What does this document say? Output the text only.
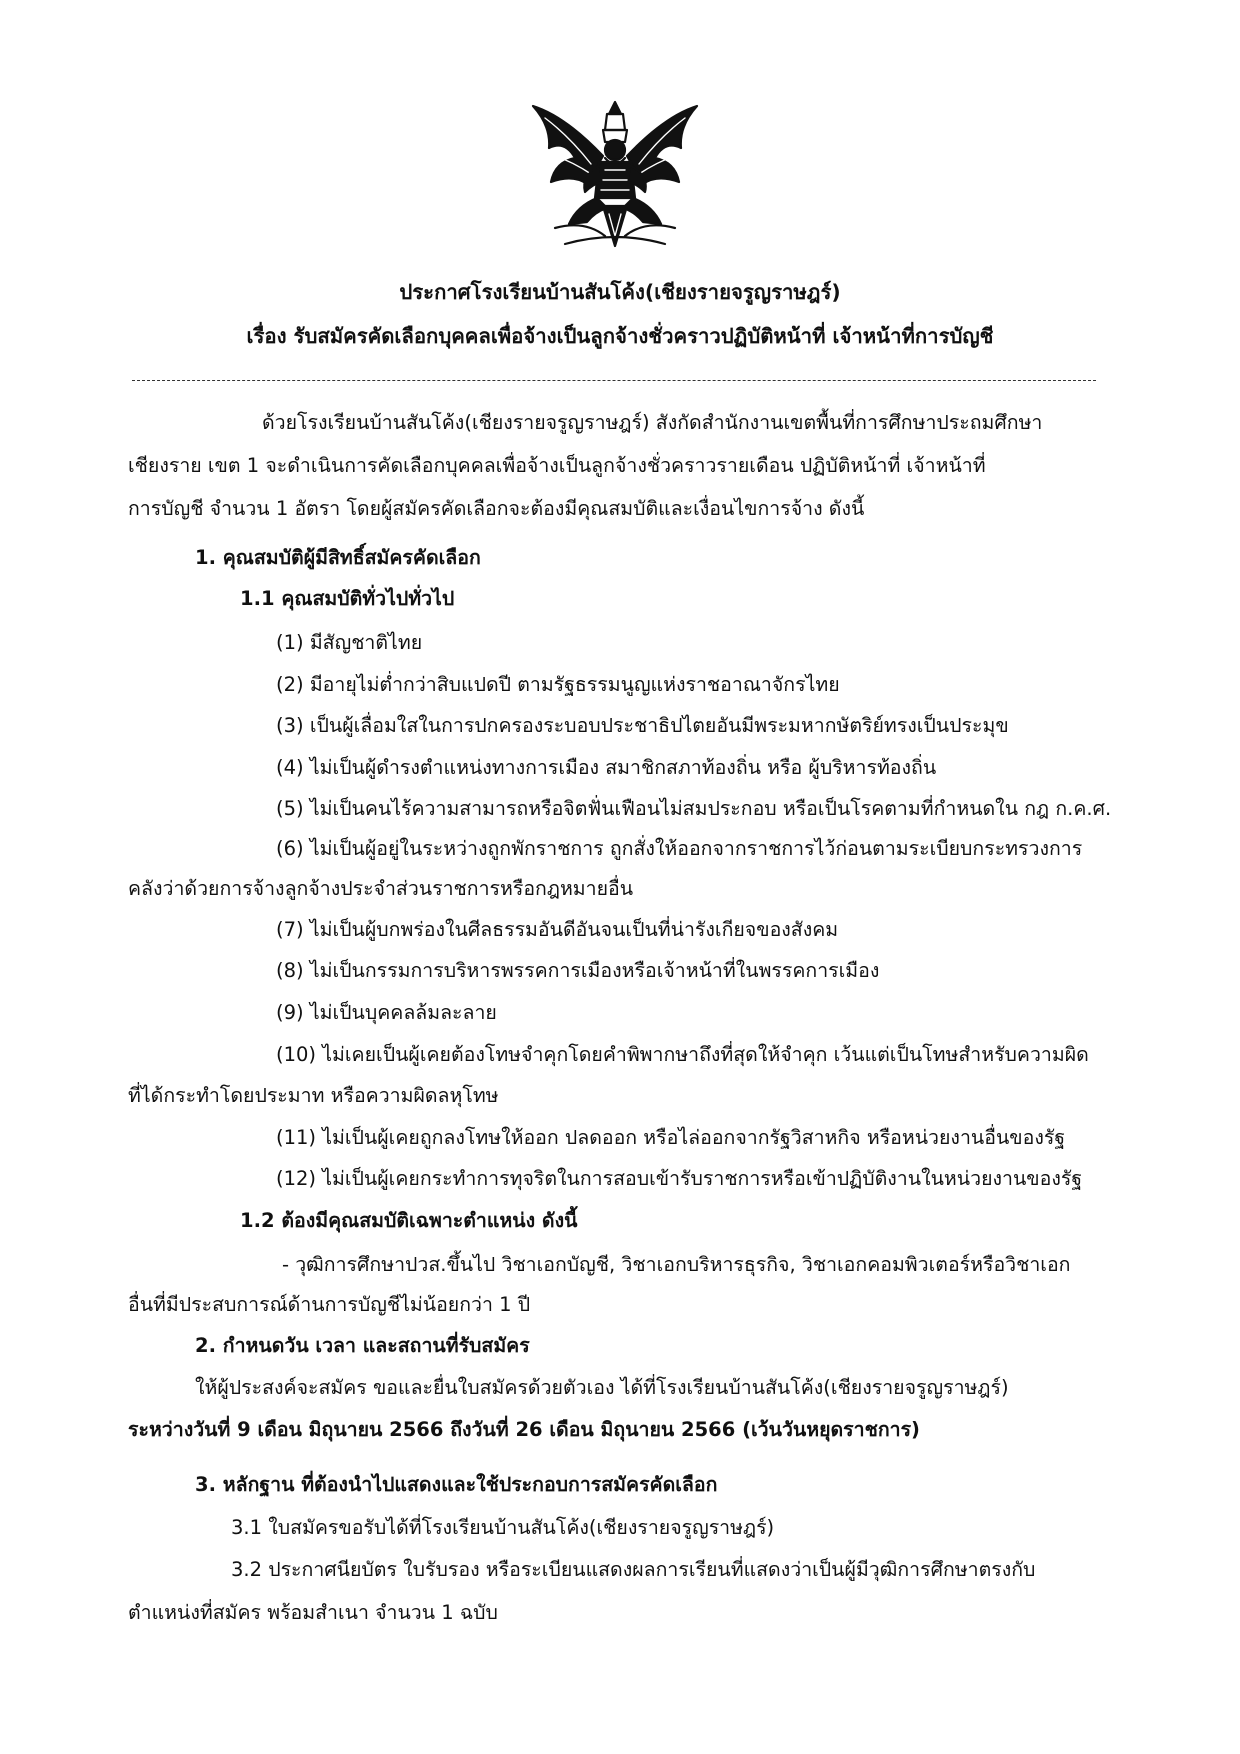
ประกาศโรงเรียนบ้านสันโค้ง(เชียงรายจรูญราษฎร์)
เรื่อง รับสมัครคัดเลือกบุคคลเพื่อจ้างเป็นลูกจ้างชั่วคราวปฏิบัติหน้าที่ เจ้าหน้าที่การบัญชี
ด้วยโรงเรียนบ้านสันโค้ง(เชียงรายจรูญราษฎร์) สังกัดสำนักงานเขตพื้นที่การศึกษาประถมศึกษา
เชียงราย เขต 1 จะดำเนินการคัดเลือกบุคคลเพื่อจ้างเป็นลูกจ้างชั่วคราวรายเดือน ปฏิบัติหน้าที่ เจ้าหน้าที่
การบัญชี จำนวน 1 อัตรา โดยผู้สมัครคัดเลือกจะต้องมีคุณสมบัติและเงื่อนไขการจ้าง ดังนี้
1. คุณสมบัติผู้มีสิทธิ์สมัครคัดเลือก
1.1 คุณสมบัติทั่วไปทั่วไป
(1) มีสัญชาติไทย
(2) มีอายุไม่ต่ำกว่าสิบแปดปี ตามรัฐธรรมนูญแห่งราชอาณาจักรไทย
(3) เป็นผู้เลื่อมใสในการปกครองระบอบประชาธิปไตยอันมีพระมหากษัตริย์ทรงเป็นประมุข
(4) ไม่เป็นผู้ดำรงตำแหน่งทางการเมือง สมาชิกสภาท้องถิ่น หรือ ผู้บริหารท้องถิ่น
(5) ไม่เป็นคนไร้ความสามารถหรือจิตฟั่นเฟือนไม่สมประกอบ หรือเป็นโรคตามที่กำหนดใน กฎ ก.ค.ศ.
(6) ไม่เป็นผู้อยู่ในระหว่างถูกพักราชการ ถูกสั่งให้ออกจากราชการไว้ก่อนตามระเบียบกระทรวงการ
คลังว่าด้วยการจ้างลูกจ้างประจำส่วนราชการหรือกฎหมายอื่น
(7) ไม่เป็นผู้บกพร่องในศีลธรรมอันดีอันจนเป็นที่น่ารังเกียจของสังคม
(8) ไม่เป็นกรรมการบริหารพรรคการเมืองหรือเจ้าหน้าที่ในพรรคการเมือง
(9) ไม่เป็นบุคคลล้มละลาย
(10) ไม่เคยเป็นผู้เคยต้องโทษจำคุกโดยคำพิพากษาถึงที่สุดให้จำคุก เว้นแต่เป็นโทษสำหรับความผิด
ที่ได้กระทำโดยประมาท หรือความผิดลหุโทษ
(11) ไม่เป็นผู้เคยถูกลงโทษให้ออก ปลดออก หรือไล่ออกจากรัฐวิสาหกิจ หรือหน่วยงานอื่นของรัฐ
(12) ไม่เป็นผู้เคยกระทำการทุจริตในการสอบเข้ารับราชการหรือเข้าปฏิบัติงานในหน่วยงานของรัฐ
1.2 ต้องมีคุณสมบัติเฉพาะตำแหน่ง ดังนี้
- วุฒิการศึกษาปวส.ขึ้นไป วิชาเอกบัญชี, วิชาเอกบริหารธุรกิจ, วิชาเอกคอมพิวเตอร์หรือวิชาเอก
อื่นที่มีประสบการณ์ด้านการบัญชีไม่น้อยกว่า 1 ปี
2. กำหนดวัน เวลา และสถานที่รับสมัคร
ให้ผู้ประสงค์จะสมัคร ขอและยื่นใบสมัครด้วยตัวเอง ได้ที่โรงเรียนบ้านสันโค้ง(เชียงรายจรูญราษฎร์)
ระหว่างวันที่ 9 เดือน มิถุนายน 2566 ถึงวันที่ 26 เดือน มิถุนายน 2566 (เว้นวันหยุดราชการ)
3. หลักฐาน ที่ต้องนำไปแสดงและใช้ประกอบการสมัครคัดเลือก
3.1 ใบสมัครขอรับได้ที่โรงเรียนบ้านสันโค้ง(เชียงรายจรูญราษฎร์)
3.2 ประกาศนียบัตร ใบรับรอง หรือระเบียนแสดงผลการเรียนที่แสดงว่าเป็นผู้มีวุฒิการศึกษาตรงกับ
ตำแหน่งที่สมัคร พร้อมสำเนา จำนวน 1 ฉบับ
